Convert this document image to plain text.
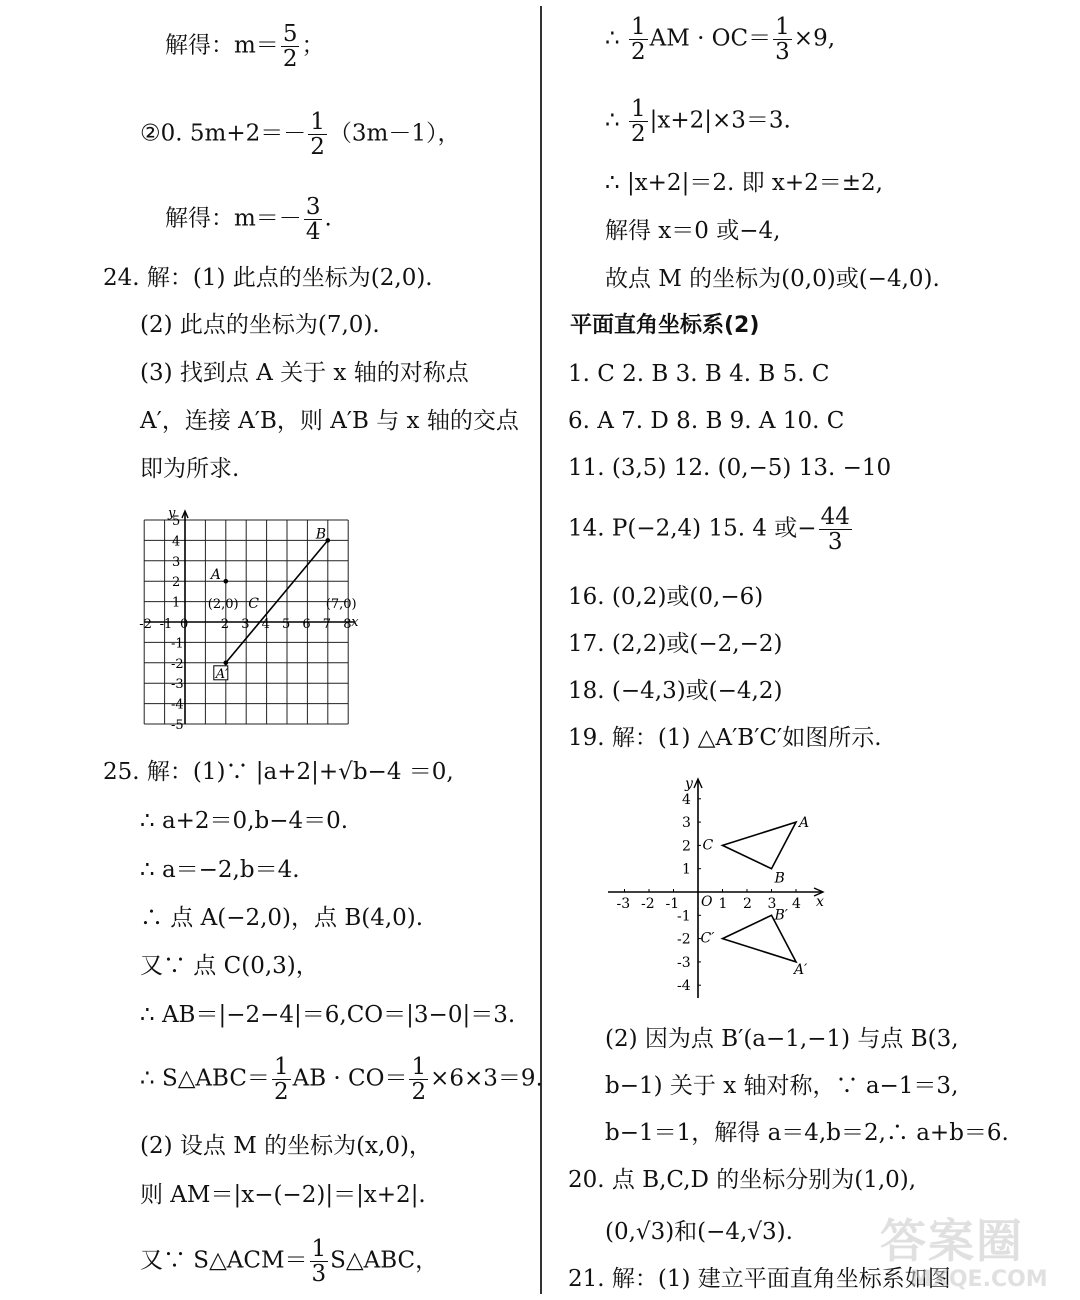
解得：$m= \frac{5}{2}$ ；
②0. $5m+2=- \frac{1}{2} (3m-1)$，
解得：$m=- \frac{3}{4}$ .
24. 解：(1) 此点的坐标为(2,0).
(2) 此点的坐标为(7,0).
(3) 找到点 A 关于 x 轴的对称点
A′，连接 A′B，则 A′B 与 x 轴的交点
即为所求.
x
y
-2 -1 0	2 3 4 5 6 7 8
5
4
3
2
1
-1
-2
-3
-4
-5
A′
A
B
C
(2,0)	(7,0)
25. 解：(1)∵ |a+2|+√b−4 ＝0,
∴ a+2＝0,b−4＝0.
∴ a＝−2,b＝4.
∴ 点 A(−2,0)，点 B(4,0).
又∵ 点 C(0,3)，
∴ AB＝|−2−4|＝6,CO＝|3−0|＝3.
∴ S△ABC＝ $\frac{1}{2}$ AB · $CO= \frac{1}{2} \times 6\times 3=9$.
(2) 设点 M 的坐标为(x,0)，
则 AM＝|x−(−2)|＝|x+2|.
又∵ S△ACM＝ $\frac{1}{3}$ S△ABC，
∴ $\frac{1}{2}$ AM · $OC= \frac{1}{3} \times 9$,
∴ $\frac{1}{2} |x+2|\times 3=3$.
∴ |x+2|＝2. 即 x+2＝±2,
解得 x＝0 或−4,
故点 M 的坐标为(0,0)或(−4,0).
平面直角坐标系(2)
1. C 2. B 3. B 4. B 5. C
6. A 7. D 8. B 9. A 10. C
11. (3,5) 12. (0,−5) 13. −10
14. P(−2,4) 15. 4 或− $\frac{44}{3}$
16. (0,2)或(0,−6)
17. (2,2)或(−2,−2)
18. (−4,3)或(−4,2)
19. 解：(1) △A′B′C′如图所示.
x
y
O
-3 -2 -1	1 2 3 4
4
3
2
1
-1
-2
-3
-4
A
B
C
A′
B′
C′
(2) 因为点 B′(a−1,−1) 与点 B(3,
b−1) 关于 x 轴对称，∵ a−1＝3,
b−1＝1，解得 a＝4,b＝2,∴ a+b＝6.
20. 点 B,C,D 的坐标分别为(1,0),
(0,√3)和(−4,√3).
21. 解：(1) 建立平面直角坐标系如图
答案圈
MXQE.COM
